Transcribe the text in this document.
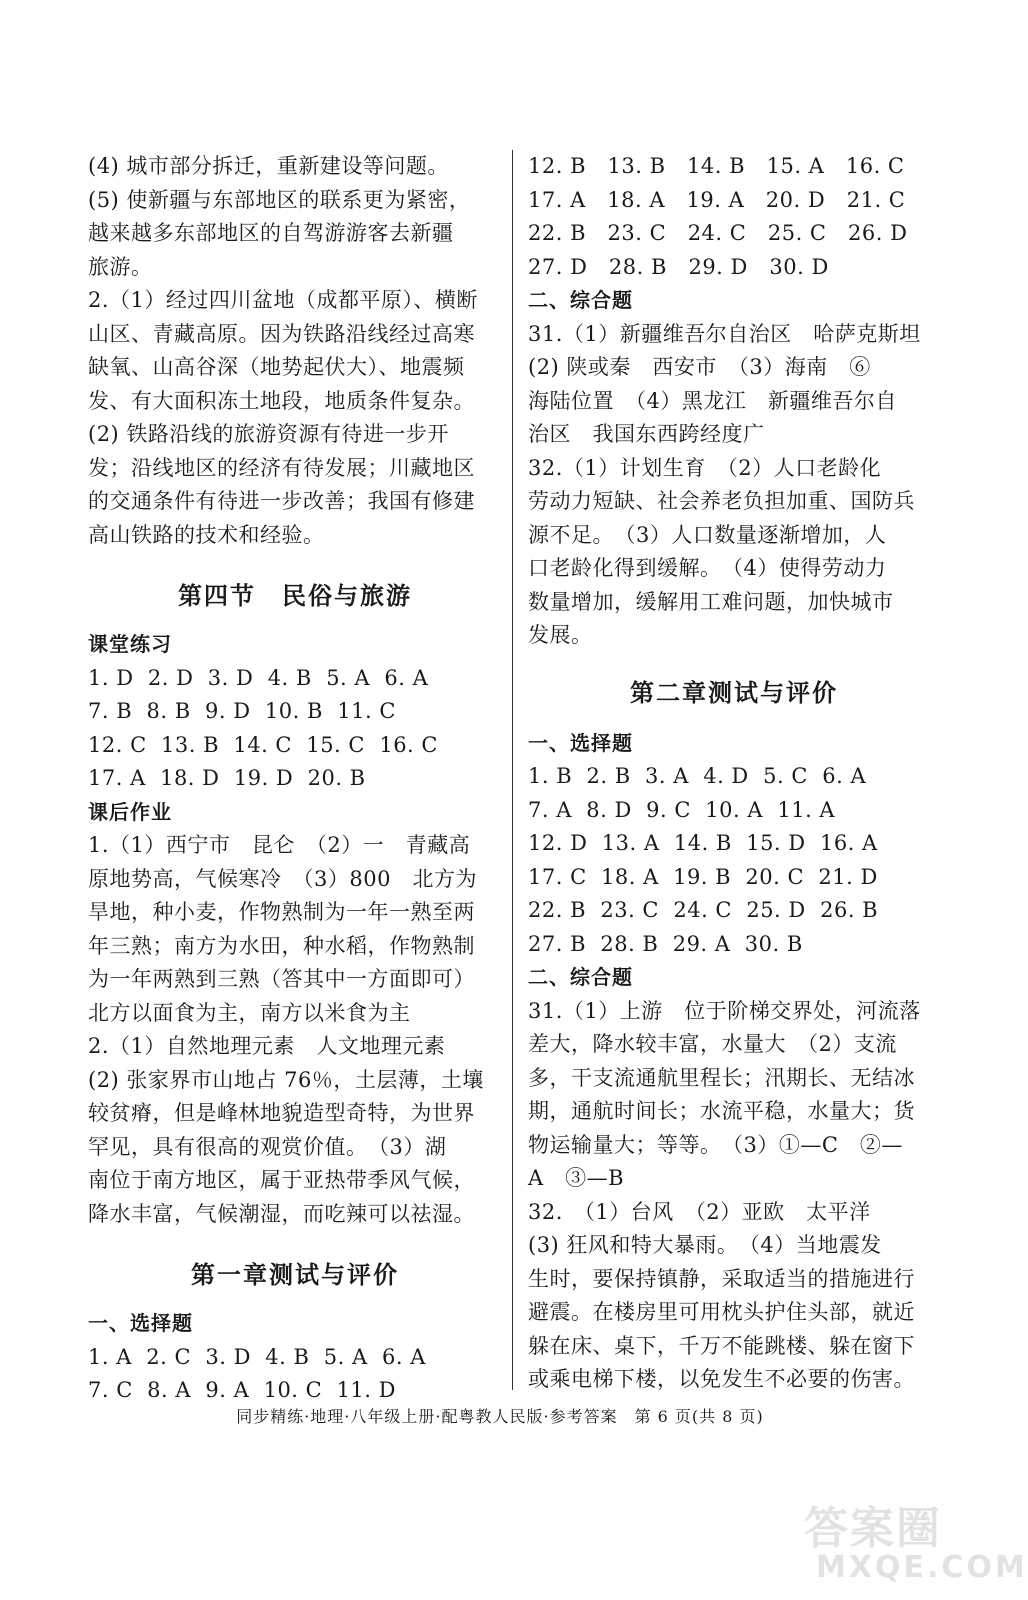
(4) 城市部分拆迁，重新建设等问题。
(5) 使新疆与东部地区的联系更为紧密，
越来越多东部地区的自驾游游客去新疆
旅游。
2.（1）经过四川盆地（成都平原）、横断
山区、青藏高原。因为铁路沿线经过高寒
缺氧、山高谷深（地势起伏大）、地震频
发、有大面积冻土地段，地质条件复杂。
(2) 铁路沿线的旅游资源有待进一步开
发；沿线地区的经济有待发展；川藏地区
的交通条件有待进一步改善；我国有修建
高山铁路的技术和经验。
第四节　民俗与旅游
课堂练习
1. D  2. D  3. D  4. B  5. A  6. A
7. B  8. B  9. D  10. B  11. C
12. C  13. B  14. C  15. C  16. C
17. A  18. D  19. D  20. B
课后作业
1.（1）西宁市　昆仑　（2）一　青藏高
原地势高，气候寒冷　（3）800　北方为
旱地，种小麦，作物熟制为一年一熟至两
年三熟；南方为水田，种水稻，作物熟制
为一年两熟到三熟（答其中一方面即可）
北方以面食为主，南方以米食为主
2.（1）自然地理元素　人文地理元素
(2) 张家界市山地占 76％，土层薄，土壤
较贫瘠，但是峰林地貌造型奇特，为世界
罕见，具有很高的观赏价值。　（3）湖
南位于南方地区，属于亚热带季风气候，
降水丰富，气候潮湿，而吃辣可以祛湿。
第一章测试与评价
一、选择题
1. A  2. C  3. D  4. B  5. A  6. A
7. C  8. A  9. A  10. C  11. D
12. B   13. B   14. B   15. A   16. C
17. A   18. A   19. A   20. D   21. C
22. B   23. C   24. C   25. C   26. D
27. D   28. B   29. D   30. D
二、综合题
31.（1）新疆维吾尔自治区　哈萨克斯坦
(2) 陕或秦　西安市　（3）海南　⑥
海陆位置　（4）黑龙江　新疆维吾尔自
治区　我国东西跨经度广
32.（1）计划生育　（2）人口老龄化
劳动力短缺、社会养老负担加重、国防兵
源不足。　（3）人口数量逐渐增加，人
口老龄化得到缓解。　（4）使得劳动力
数量增加，缓解用工难问题，加快城市
发展。
第二章测试与评价
一、选择题
1. B  2. B  3. A  4. D  5. C  6. A
7. A  8. D  9. C  10. A  11. A
12. D  13. A  14. B  15. D  16. A
17. C  18. A  19. B  20. C  21. D
22. B  23. C  24. C  25. D  26. B
27. B  28. B  29. A  30. B
二、综合题
31.（1）上游　位于阶梯交界处，河流落
差大，降水较丰富，水量大　（2）支流
多，干支流通航里程长；汛期长、无结冰
期，通航时间长；水流平稳，水量大；货
物运输量大；等等。　（3）①—C　②—
A　③—B
32.　（1）台风　（2）亚欧　太平洋
(3) 狂风和特大暴雨。　（4）当地震发
生时，要保持镇静，采取适当的措施进行
避震。在楼房里可用枕头护住头部，就近
躲在床、桌下，千万不能跳楼、躲在窗下
或乘电梯下楼，以免发生不必要的伤害。
同步精练·地理·八年级上册·配粤教人民版·参考答案　第 6 页(共 8 页)
答案圈
MXQE.COM
